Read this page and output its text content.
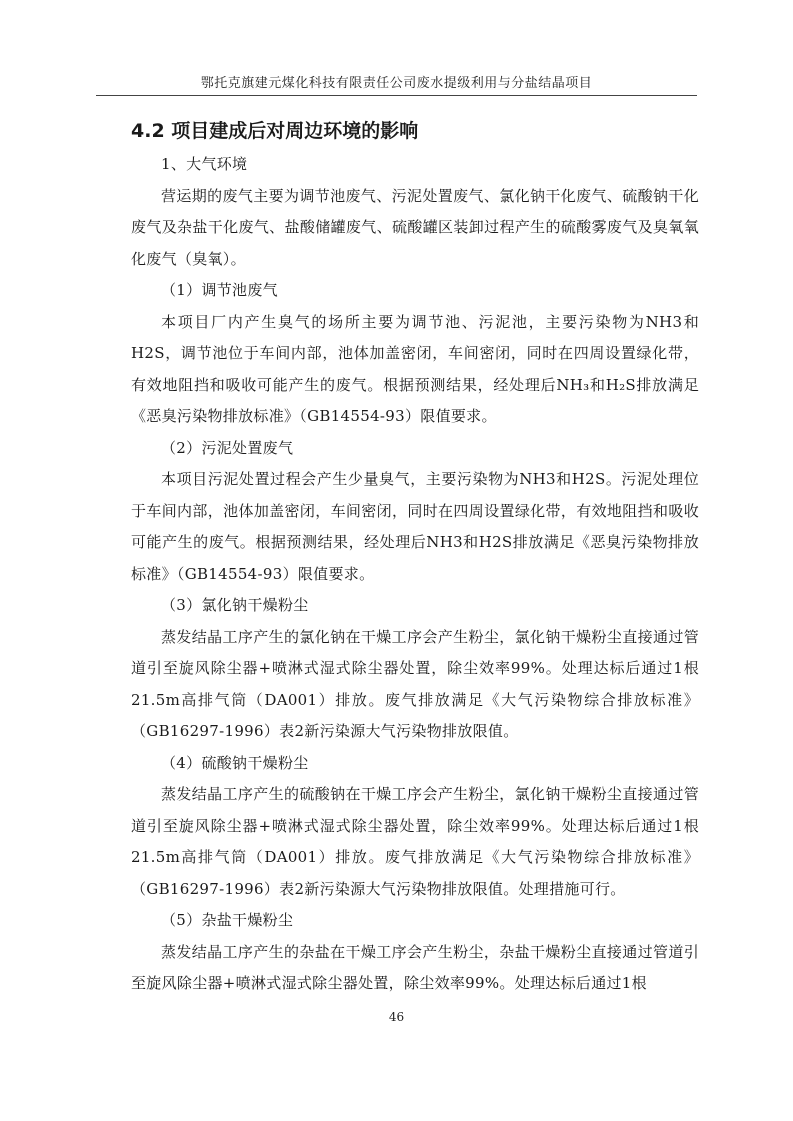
鄂托克旗建元煤化科技有限责任公司废水提级利用与分盐结晶项目
4.2 项目建成后对周边环境的影响

1、大气环境

营运期的废气主要为调节池废气、污泥处置废气、氯化钠干化废气、硫酸钠干化废气及杂盐干化废气、盐酸储罐废气、硫酸罐区装卸过程产生的硫酸雾废气及臭氧氧化废气（臭氧）。

（1）调节池废气

本项目厂内产生臭气的场所主要为调节池、污泥池，主要污染物为NH3和H2S，调节池位于车间内部，池体加盖密闭，车间密闭，同时在四周设置绿化带，有效地阻挡和吸收可能产生的废气。根据预测结果，经处理后NH₃和H₂S排放满足《恶臭污染物排放标准》（GB14554-93）限值要求。

（2）污泥处置废气

本项目污泥处置过程会产生少量臭气，主要污染物为NH3和H2S。污泥处理位于车间内部，池体加盖密闭，车间密闭，同时在四周设置绿化带，有效地阻挡和吸收可能产生的废气。根据预测结果，经处理后NH3和H2S排放满足《恶臭污染物排放标准》（GB14554-93）限值要求。

（3）氯化钠干燥粉尘

蒸发结晶工序产生的氯化钠在干燥工序会产生粉尘，氯化钠干燥粉尘直接通过管道引至旋风除尘器+喷淋式湿式除尘器处置，除尘效率99%。处理达标后通过1根21.5m高排气筒（DA001）排放。废气排放满足《大气污染物综合排放标准》（GB16297-1996）表2新污染源大气污染物排放限值。

（4）硫酸钠干燥粉尘

蒸发结晶工序产生的硫酸钠在干燥工序会产生粉尘，氯化钠干燥粉尘直接通过管道引至旋风除尘器+喷淋式湿式除尘器处置，除尘效率99%。处理达标后通过1根21.5m高排气筒（DA001）排放。废气排放满足《大气污染物综合排放标准》（GB16297-1996）表2新污染源大气污染物排放限值。处理措施可行。

（5）杂盐干燥粉尘

蒸发结晶工序产生的杂盐在干燥工序会产生粉尘，杂盐干燥粉尘直接通过管道引至旋风除尘器+喷淋式湿式除尘器处置，除尘效率99%。处理达标后通过1根

46
